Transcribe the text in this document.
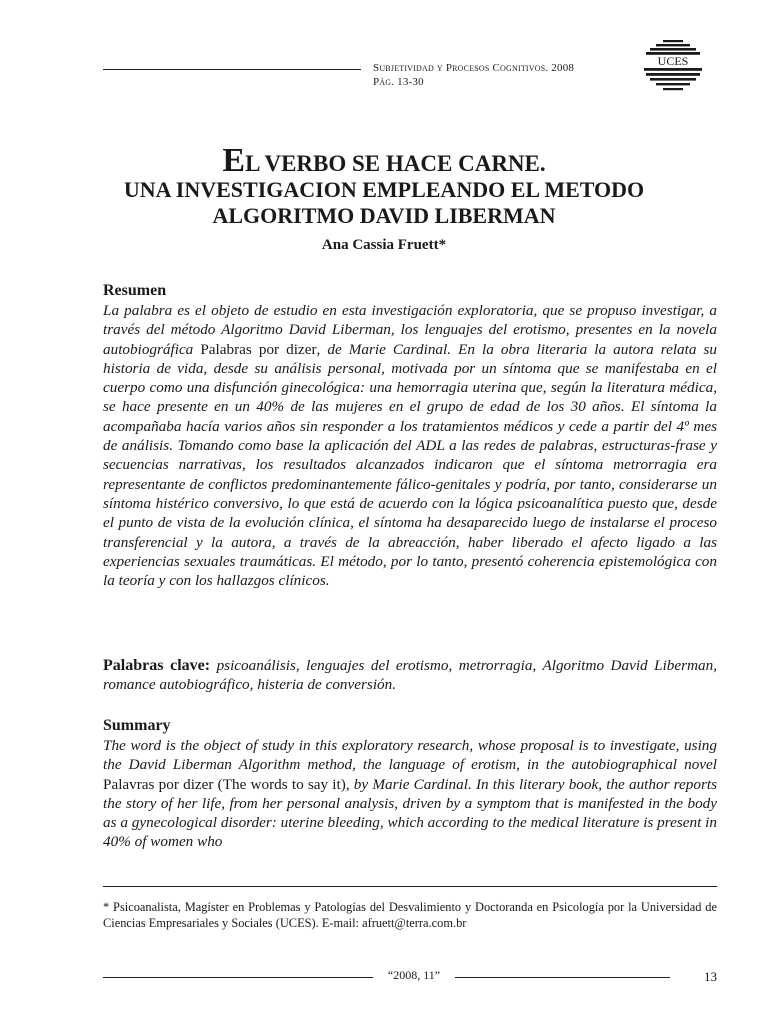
Subjetividad y Procesos Cognitivos. 2008
Pág. 13-30
UCES
EL VERBO SE HACE CARNE.
UNA INVESTIGACION EMPLEANDO EL METODO
ALGORITMO DAVID LIBERMAN
Ana Cassia Fruett*
Resumen
La palabra es el objeto de estudio en esta investigación exploratoria, que se propuso investigar, a través del método Algoritmo David Liberman, los lenguajes del erotismo, presentes en la novela autobiográfica Palabras por dizer, de Marie Cardinal. En la obra literaria la autora relata su historia de vida, desde su análisis personal, motivada por un síntoma que se manifestaba en el cuerpo como una disfunción ginecológica: una hemorragia uterina que, según la literatura médica, se hace presente en un 40% de las mujeres en el grupo de edad de los 30 años. El síntoma la acompañaba hacía varios años sin responder a los tratamientos médicos y cede a partir del 4º mes de análisis. Tomando como base la aplicación del ADL a las redes de palabras, estructuras-frase y secuencias narrativas, los resultados alcanzados indicaron que el síntoma metrorragia era representante de conflictos predominantemente fálico-genitales y podría, por tanto, considerarse un síntoma histérico conversivo, lo que está de acuerdo con la lógica psicoanalítica puesto que, desde el punto de vista de la evolución clínica, el síntoma ha desaparecido luego de instalarse el proceso transferencial y la autora, a través de la abreacción, haber liberado el afecto ligado a las experiencias sexuales traumáticas. El método, por lo tanto, presentó coherencia epistemológica con la teoría y con los hallazgos clínicos.
Palabras clave: psicoanálisis, lenguajes del erotismo, metrorragia, Algoritmo David Liberman, romance autobiográfico, histeria de conversión.
Summary
The word is the object of study in this exploratory research, whose proposal is to investigate, using the David Liberman Algorithm method, the language of erotism, in the autobiographical novel Palavras por dizer (The words to say it), by Marie Cardinal. In this literary book, the author reports the story of her life, from her personal analysis, driven by a symptom that is manifested in the body as a gynecological disorder: uterine bleeding, which according to the medical literature is present in 40% of women who
* Psicoanalista, Magíster en Problemas y Patologías del Desvalimiento y Doctoranda en Psicología por la Universidad de Ciencias Empresariales y Sociales (UCES). E-mail: afruett@terra.com.br
“2008, 11”	13
